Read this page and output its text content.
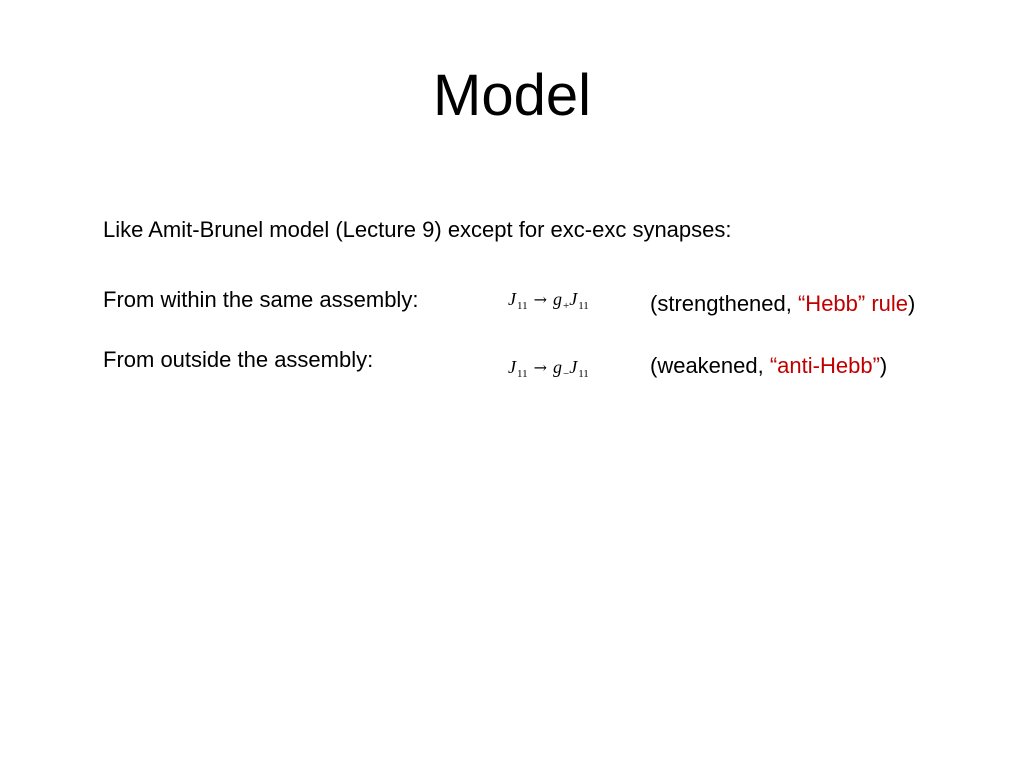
Model
Like Amit-Brunel model (Lecture 9) except for exc-exc synapses:
From within the same assembly:	$J_{11} \to g_+J_{11}$	(strengthened, “Hebb” rule)
From outside the assembly:	$J_{11} \to g_-J_{11}$	(weakened, “anti-Hebb”)
